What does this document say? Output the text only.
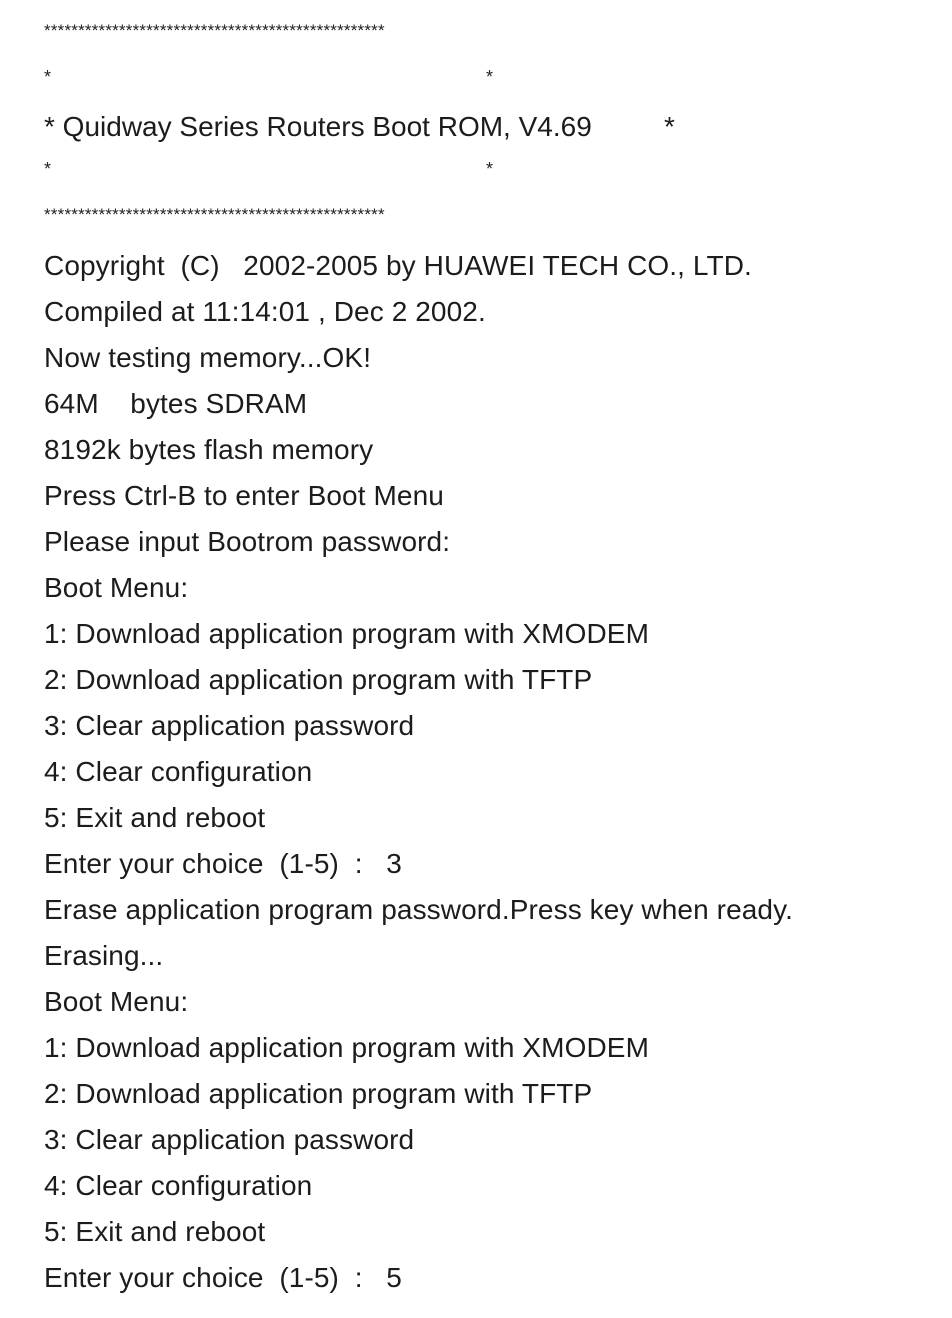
**************************************************

*	*

* Quidway Series Routers Boot ROM, V4.69	*

*	*

**************************************************

Copyright  (C)   2002-2005 by HUAWEI TECH CO., LTD.

Compiled at 11:14:01 , Dec 2 2002.

Now testing memory...OK!

64M    bytes SDRAM

8192k bytes flash memory

Press Ctrl-B to enter Boot Menu

Please input Bootrom password:

Boot Menu:

1: Download application program with XMODEM

2: Download application program with TFTP

3: Clear application password

4: Clear configuration

5: Exit and reboot

Enter your choice  (1-5)  :   3

Erase application program password.Press key when ready.

Erasing...

Boot Menu:

1: Download application program with XMODEM

2: Download application program with TFTP

3: Clear application password

4: Clear configuration

5: Exit and reboot

Enter your choice  (1-5)  :   5
